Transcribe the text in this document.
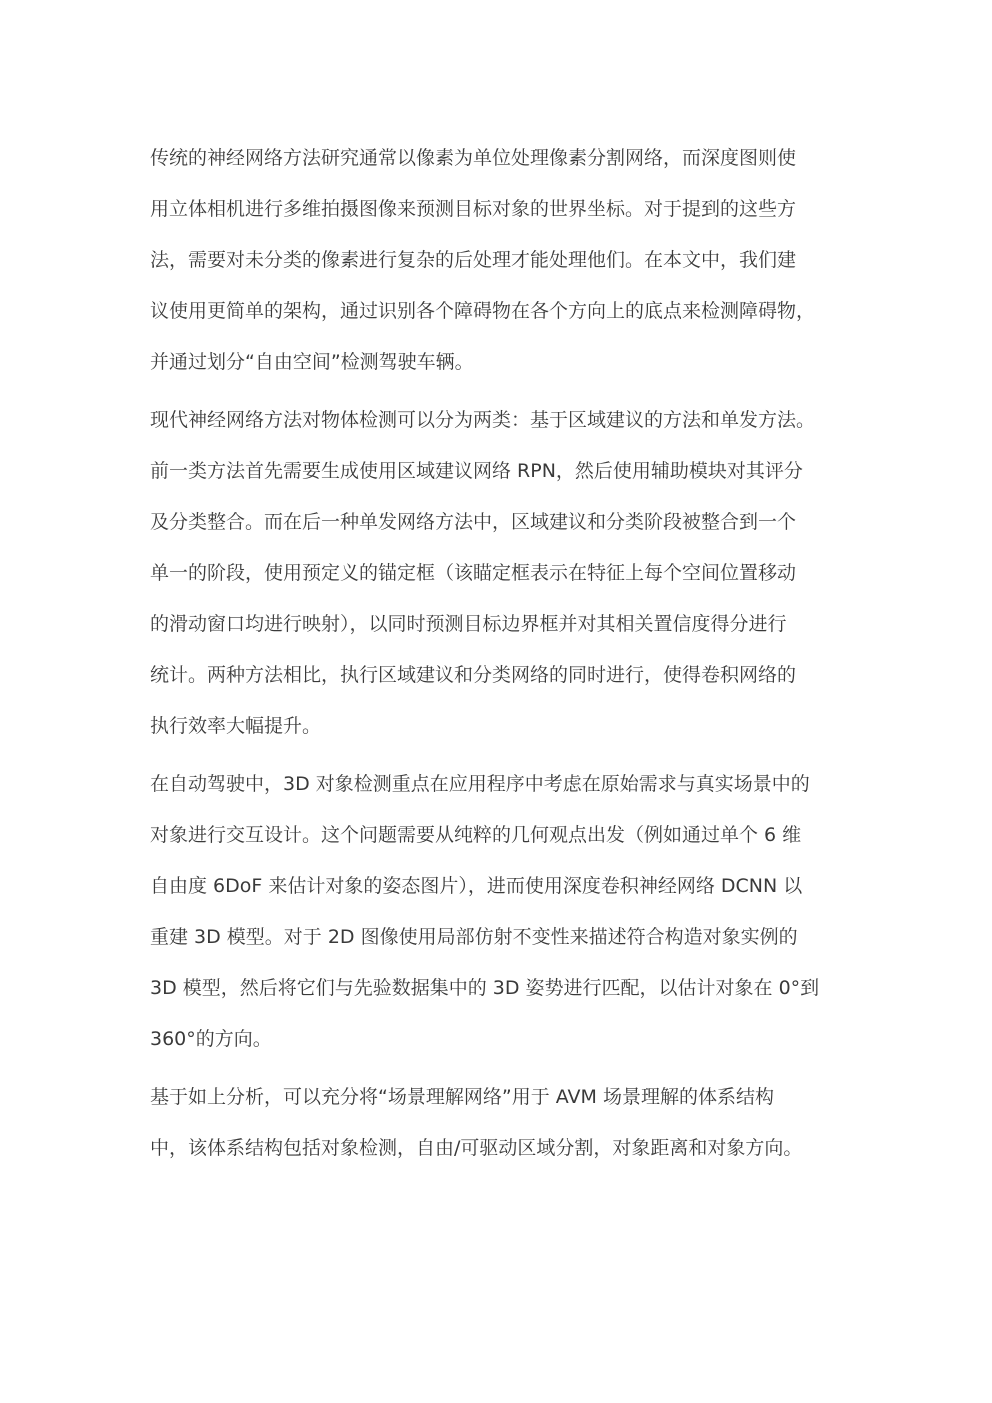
传统的神经网络方法研究通常以像素为单位处理像素分割网络，而深度图则使
用立体相机进行多维拍摄图像来预测目标对象的世界坐标。对于提到的这些方
法，需要对未分类的像素进行复杂的后处理才能处理他们。在本文中，我们建
议使用更简单的架构，通过识别各个障碍物在各个方向上的底点来检测障碍物，
并通过划分“自由空间”检测驾驶车辆。
现代神经网络方法对物体检测可以分为两类：基于区域建议的方法和单发方法。
前一类方法首先需要生成使用区域建议网络 RPN，然后使用辅助模块对其评分
及分类整合。而在后一种单发网络方法中，区域建议和分类阶段被整合到一个
单一的阶段，使用预定义的锚定框（该瞄定框表示在特征上每个空间位置移动
的滑动窗口均进行映射），以同时预测目标边界框并对其相关置信度得分进行
统计。两种方法相比，执行区域建议和分类网络的同时进行，使得卷积网络的
执行效率大幅提升。
在自动驾驶中，3D 对象检测重点在应用程序中考虑在原始需求与真实场景中的
对象进行交互设计。这个问题需要从纯粹的几何观点出发（例如通过单个 6 维
自由度 6DoF 来估计对象的姿态图片），进而使用深度卷积神经网络 DCNN 以
重建 3D 模型。对于 2D 图像使用局部仿射不变性来描述符合构造对象实例的
3D 模型，然后将它们与先验数据集中的 3D 姿势进行匹配，以估计对象在 0°到
360°的方向。
基于如上分析，可以充分将“场景理解网络”用于 AVM 场景理解的体系结构
中，该体系结构包括对象检测，自由/可驱动区域分割，对象距离和对象方向。
